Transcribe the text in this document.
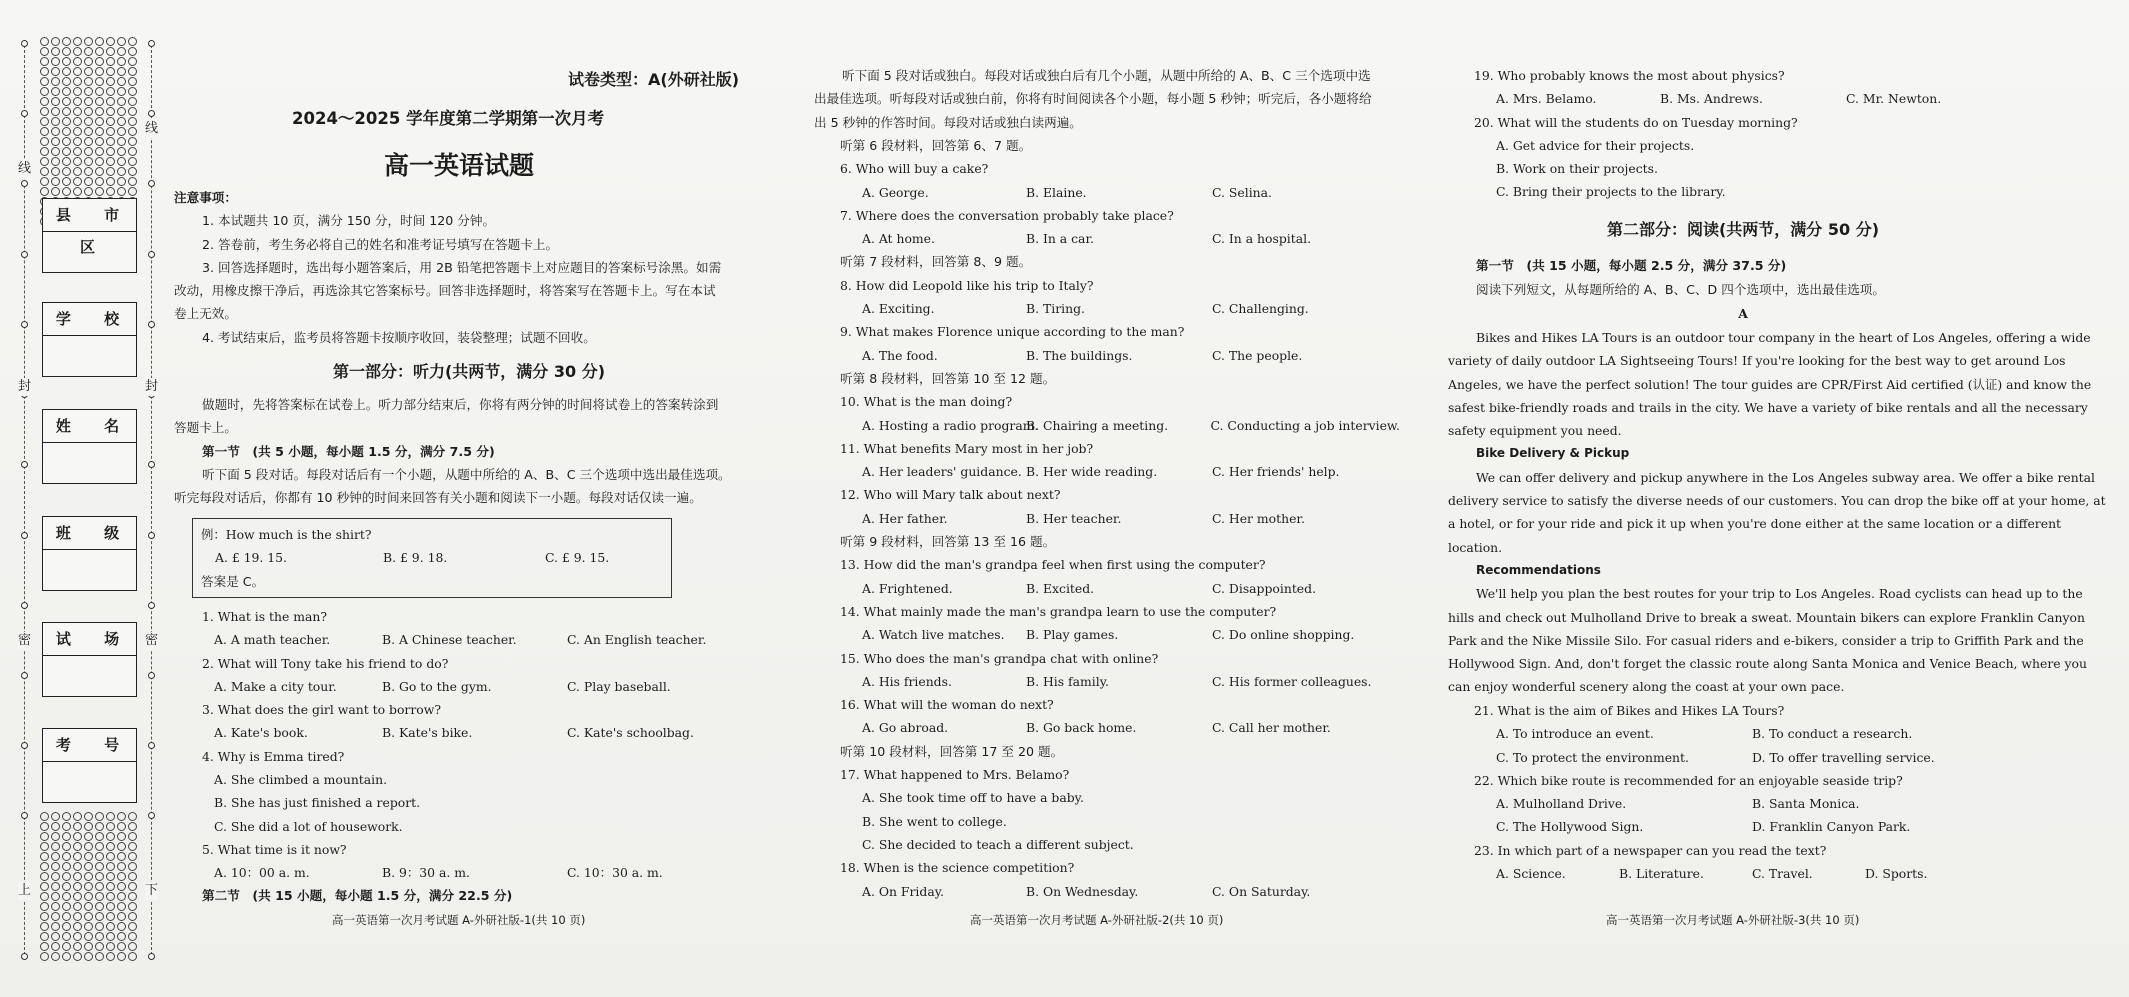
线
线
封	封
密	密
上	下
县 市 区
学 校
姓 名
班 级
试 场
考 号

试卷类型：A(外研社版)

2024～2025 学年度第二学期第一次月考

高一英语试题

注意事项：

1. 本试题共 10 页，满分 150 分，时间 120 分钟。

2. 答卷前，考生务必将自己的姓名和准考证号填写在答题卡上。

3. 回答选择题时，选出每小题答案后，用 2B 铅笔把答题卡上对应题目的答案标号涂黑。如需

改动，用橡皮擦干净后，再选涂其它答案标号。回答非选择题时，将答案写在答题卡上。写在本试

卷上无效。

4. 考试结束后，监考员将答题卡按顺序收回，装袋整理；试题不回收。

第一部分：听力(共两节，满分 30 分)

做题时，先将答案标在试卷上。听力部分结束后，你将有两分钟的时间将试卷上的答案转涂到

答题卡上。

第一节　(共 5 小题，每小题 1.5 分，满分 7.5 分)

听下面 5 段对话。每段对话后有一个小题，从题中所给的 A、B、C 三个选项中选出最佳选项。

听完每段对话后，你都有 10 秒钟的时间来回答有关小题和阅读下一小题。每段对话仅读一遍。

例：How much is the shirt?

A. £ 19. 15.	B. £ 9. 18.	C. £ 9. 15.

答案是 C。

1. What is the man?

A. A math teacher.	B. A Chinese teacher.	C. An English teacher.

2. What will Tony take his friend to do?

A. Make a city tour.	B. Go to the gym.	C. Play baseball.

3. What does the girl want to borrow?

A. Kate's book.	B. Kate's bike.	C. Kate's schoolbag.

4. Why is Emma tired?

A. She climbed a mountain.

B. She has just finished a report.

C. She did a lot of housework.

5. What time is it now?

A. 10：00 a. m.	B. 9：30 a. m.	C. 10：30 a. m.

第二节　(共 15 小题，每小题 1.5 分，满分 22.5 分)

高一英语第一次月考试题 A-外研社版-1(共 10 页)

听下面 5 段对话或独白。每段对话或独白后有几个小题，从题中所给的 A、B、C 三个选项中选

出最佳选项。听每段对话或独白前，你将有时间阅读各个小题，每小题 5 秒钟；听完后，各小题将给

出 5 秒钟的作答时间。每段对话或独白读两遍。

听第 6 段材料，回答第 6、7 题。

6. Who will buy a cake?

A. George.	B. Elaine.	C. Selina.

7. Where does the conversation probably take place?

A. At home.	B. In a car.	C. In a hospital.

听第 7 段材料，回答第 8、9 题。

8. How did Leopold like his trip to Italy?

A. Exciting.	B. Tiring.	C. Challenging.

9. What makes Florence unique according to the man?

A. The food.	B. The buildings.	C. The people.

听第 8 段材料，回答第 10 至 12 题。

10. What is the man doing?

A. Hosting a radio program.
B. Chairing a meeting.	C. Conducting a job interview.

11. What benefits Mary most in her job?

A. Her leaders' guidance. B. Her wide reading.	C. Her friends' help.

12. Who will Mary talk about next?

A. Her father.	B. Her teacher.	C. Her mother.

听第 9 段材料，回答第 13 至 16 题。

13. How did the man's grandpa feel when first using the computer?

A. Frightened.	B. Excited.	C. Disappointed.

14. What mainly made the man's grandpa learn to use the computer?

A. Watch live matches.	B. Play games.	C. Do online shopping.

15. Who does the man's grandpa chat with online?

A. His friends.	B. His family.	C. His former colleagues.

16. What will the woman do next?

A. Go abroad.	B. Go back home.	C. Call her mother.

听第 10 段材料，回答第 17 至 20 题。

17. What happened to Mrs. Belamo?

A. She took time off to have a baby.

B. She went to college.

C. She decided to teach a different subject.

18. When is the science competition?

A. On Friday.	B. On Wednesday.	C. On Saturday.
高一英语第一次月考试题 A-外研社版-2(共 10 页)

19. Who probably knows the most about physics?

A. Mrs. Belamo.	B. Ms. Andrews.	C. Mr. Newton.

20. What will the students do on Tuesday morning?

A. Get advice for their projects.

B. Work on their projects.

C. Bring their projects to the library.

第二部分：阅读(共两节，满分 50 分)

第一节　(共 15 小题，每小题 2.5 分，满分 37.5 分)

阅读下列短文，从每题所给的 A、B、C、D 四个选项中，选出最佳选项。

A

Bikes and Hikes LA Tours is an outdoor tour company in the heart of Los Angeles, offering a wide

variety of daily outdoor LA Sightseeing Tours! If you're looking for the best way to get around Los

Angeles, we have the perfect solution! The tour guides are CPR/First Aid certified (认证) and know the

safest bike-friendly roads and trails in the city. We have a variety of bike rentals and all the necessary

safety equipment you need.

Bike Delivery & Pickup

We can offer delivery and pickup anywhere in the Los Angeles subway area. We offer a bike rental

delivery service to satisfy the diverse needs of our customers. You can drop the bike off at your home, at

a hotel, or for your ride and pick it up when you're done either at the same location or a different

location.

Recommendations

We'll help you plan the best routes for your trip to Los Angeles. Road cyclists can head up to the

hills and check out Mulholland Drive to break a sweat. Mountain bikers can explore Franklin Canyon

Park and the Nike Missile Silo. For casual riders and e-bikers, consider a trip to Griffith Park and the

Hollywood Sign. And, don't forget the classic route along Santa Monica and Venice Beach, where you

can enjoy wonderful scenery along the coast at your own pace.

21. What is the aim of Bikes and Hikes LA Tours?

A. To introduce an event.	B. To conduct a research.
C. To protect the environment.	D. To offer travelling service.

22. Which bike route is recommended for an enjoyable seaside trip?

A. Mulholland Drive.	B. Santa Monica.
C. The Hollywood Sign.	D. Franklin Canyon Park.

23. In which part of a newspaper can you read the text?

A. Science.	B. Literature.	C. Travel.	D. Sports.
高一英语第一次月考试题 A-外研社版-3(共 10 页)
